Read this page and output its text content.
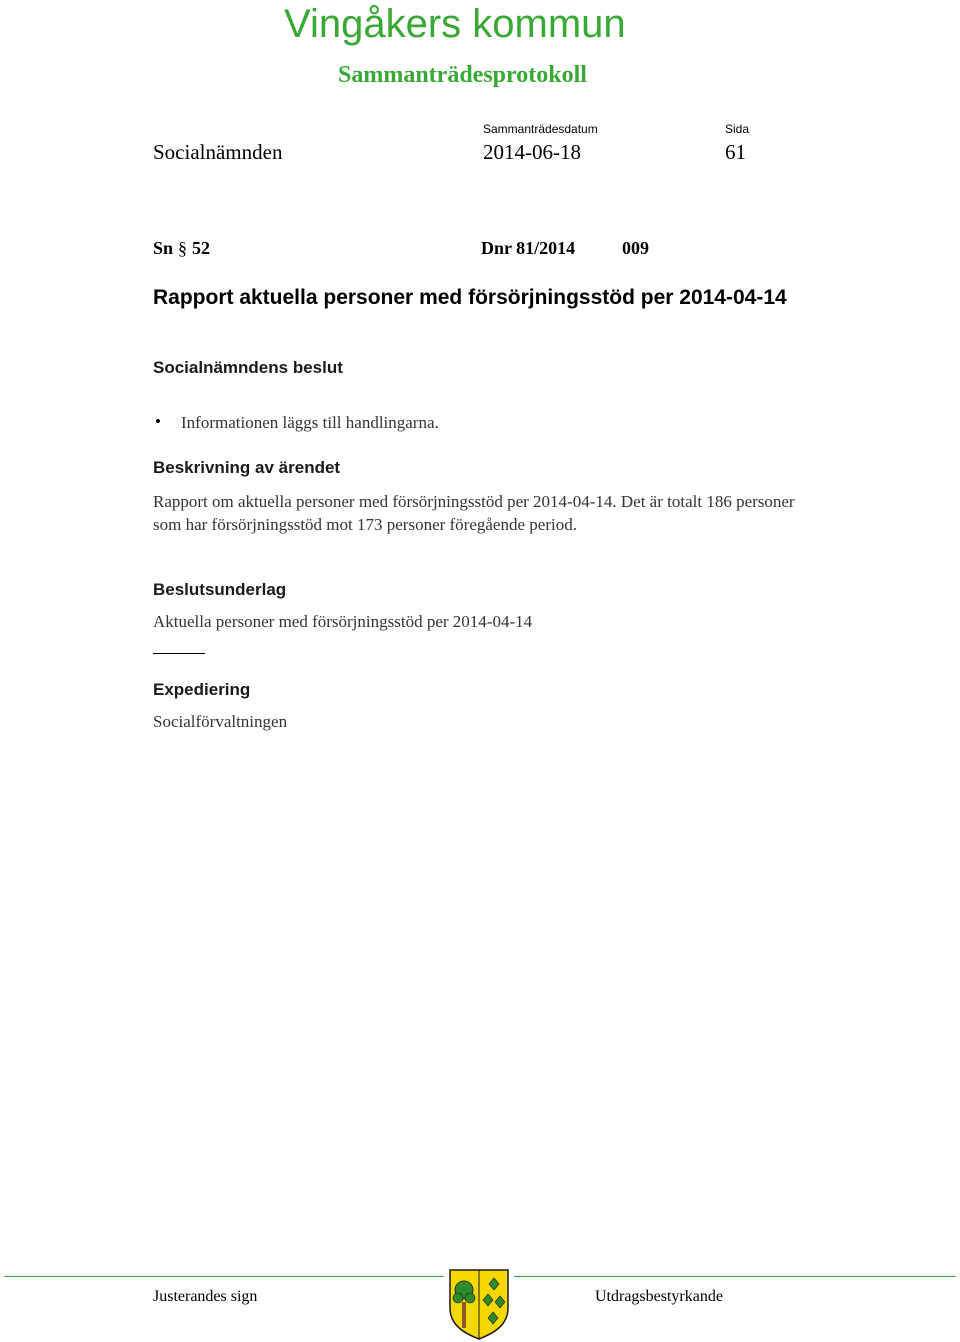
Vingåkers kommun
Sammanträdesprotokoll
Sammanträdesdatum	Sida
Socialnämnden	2014-06-18	61
Sn § 52	Dnr 81/2014	009
Rapport aktuella personer med försörjningsstöd per 2014-04-14
Socialnämndens beslut
• Informationen läggs till handlingarna.
Beskrivning av ärendet
Rapport om aktuella personer med försörjningsstöd per 2014-04-14. Det är totalt 186 personer som har försörjningsstöd mot 173 personer föregående period.
Beslutsunderlag
Aktuella personer med försörjningsstöd per 2014-04-14
Expediering
Socialförvaltningen
Justerandes sign	Utdragsbestyrkande
